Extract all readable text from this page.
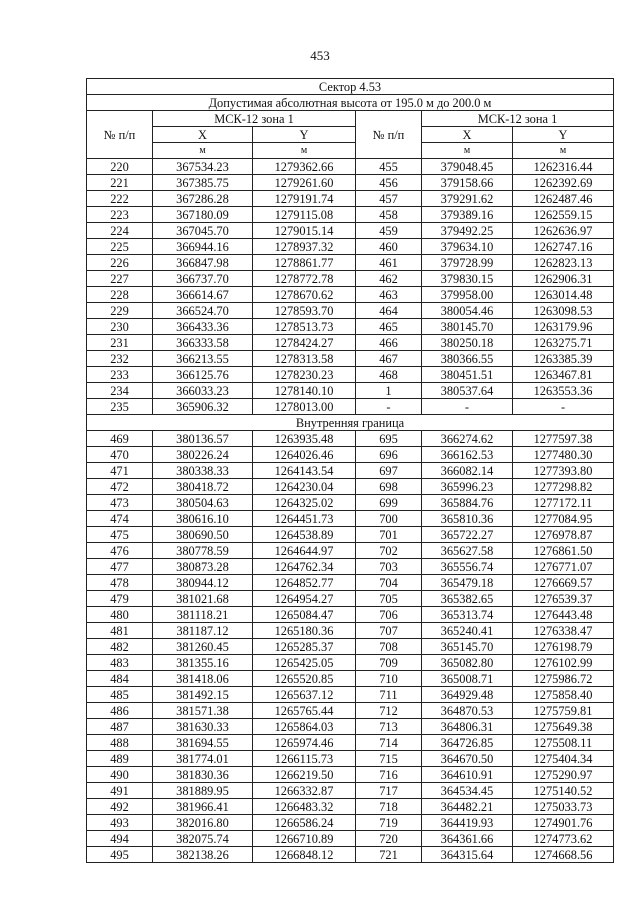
453
Сектор 4.53					
Допустимая абсолютная высота от 195.0 м до 200.0 м					
№ п/п	МСК-12 зона 1		№ п/п	МСК-12 зона 1	
	X	Y		X	Y
	м	м		м	м
220	367534.23	1279362.66	455	379048.45	1262316.44
221	367385.75	1279261.60	456	379158.66	1262392.69
222	367286.28	1279191.74	457	379291.62	1262487.46
223	367180.09	1279115.08	458	379389.16	1262559.15
224	367045.70	1279015.14	459	379492.25	1262636.97
225	366944.16	1278937.32	460	379634.10	1262747.16
226	366847.98	1278861.77	461	379728.99	1262823.13
227	366737.70	1278772.78	462	379830.15	1262906.31
228	366614.67	1278670.62	463	379958.00	1263014.48
229	366524.70	1278593.70	464	380054.46	1263098.53
230	366433.36	1278513.73	465	380145.70	1263179.96
231	366333.58	1278424.27	466	380250.18	1263275.71
232	366213.55	1278313.58	467	380366.55	1263385.39
233	366125.76	1278230.23	468	380451.51	1263467.81
234	366033.23	1278140.10	1	380537.64	1263553.36
235	365906.32	1278013.00	-	-	-
Внутренняя граница					
469	380136.57	1263935.48	695	366274.62	1277597.38
470	380226.24	1264026.46	696	366162.53	1277480.30
471	380338.33	1264143.54	697	366082.14	1277393.80
472	380418.72	1264230.04	698	365996.23	1277298.82
473	380504.63	1264325.02	699	365884.76	1277172.11
474	380616.10	1264451.73	700	365810.36	1277084.95
475	380690.50	1264538.89	701	365722.27	1276978.87
476	380778.59	1264644.97	702	365627.58	1276861.50
477	380873.28	1264762.34	703	365556.74	1276771.07
478	380944.12	1264852.77	704	365479.18	1276669.57
479	381021.68	1264954.27	705	365382.65	1276539.37
480	381118.21	1265084.47	706	365313.74	1276443.48
481	381187.12	1265180.36	707	365240.41	1276338.47
482	381260.45	1265285.37	708	365145.70	1276198.79
483	381355.16	1265425.05	709	365082.80	1276102.99
484	381418.06	1265520.85	710	365008.71	1275986.72
485	381492.15	1265637.12	711	364929.48	1275858.40
486	381571.38	1265765.44	712	364870.53	1275759.81
487	381630.33	1265864.03	713	364806.31	1275649.38
488	381694.55	1265974.46	714	364726.85	1275508.11
489	381774.01	1266115.73	715	364670.50	1275404.34
490	381830.36	1266219.50	716	364610.91	1275290.97
491	381889.95	1266332.87	717	364534.45	1275140.52
492	381966.41	1266483.32	718	364482.21	1275033.73
493	382016.80	1266586.24	719	364419.93	1274901.76
494	382075.74	1266710.89	720	364361.66	1274773.62
495	382138.26	1266848.12	721	364315.64	1274668.56
